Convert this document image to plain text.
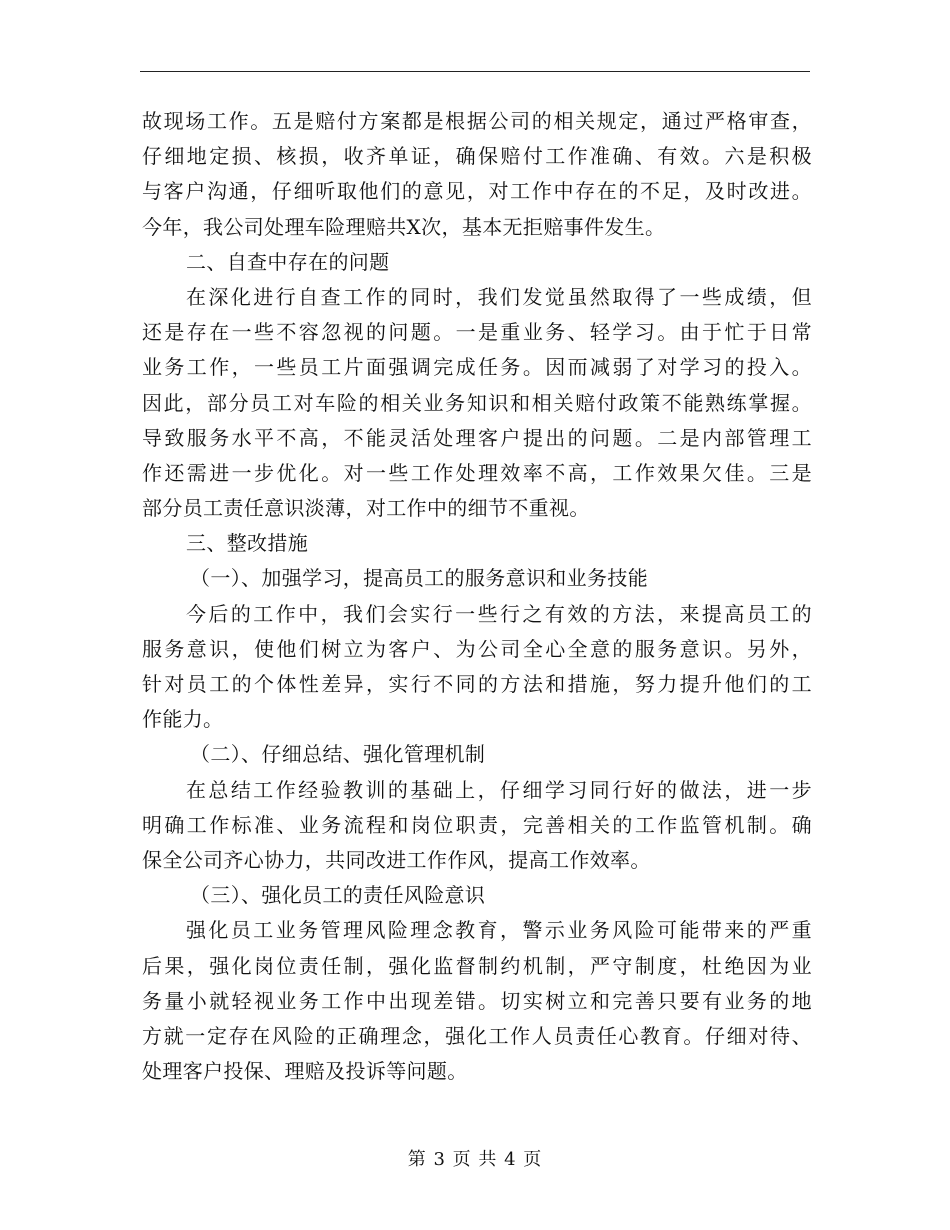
故现场工作。五是赔付方案都是根据公司的相关规定，通过严格审查，
仔细地定损、核损，收齐单证，确保赔付工作准确、有效。六是积极
与客户沟通，仔细听取他们的意见，对工作中存在的不足，及时改进。
今年，我公司处理车险理赔共X次，基本无拒赔事件发生。
二、自查中存在的问题
在深化进行自查工作的同时，我们发觉虽然取得了一些成绩，但
还是存在一些不容忽视的问题。一是重业务、轻学习。由于忙于日常
业务工作，一些员工片面强调完成任务。因而减弱了对学习的投入。
因此，部分员工对车险的相关业务知识和相关赔付政策不能熟练掌握。
导致服务水平不高，不能灵活处理客户提出的问题。二是内部管理工
作还需进一步优化。对一些工作处理效率不高，工作效果欠佳。三是
部分员工责任意识淡薄，对工作中的细节不重视。
三、整改措施
（一）、加强学习，提高员工的服务意识和业务技能
今后的工作中，我们会实行一些行之有效的方法，来提高员工的
服务意识，使他们树立为客户、为公司全心全意的服务意识。另外，
针对员工的个体性差异，实行不同的方法和措施，努力提升他们的工
作能力。
（二）、仔细总结、强化管理机制
在总结工作经验教训的基础上，仔细学习同行好的做法，进一步
明确工作标准、业务流程和岗位职责，完善相关的工作监管机制。确
保全公司齐心协力，共同改进工作作风，提高工作效率。
（三）、强化员工的责任风险意识
强化员工业务管理风险理念教育，警示业务风险可能带来的严重
后果，强化岗位责任制，强化监督制约机制，严守制度，杜绝因为业
务量小就轻视业务工作中出现差错。切实树立和完善只要有业务的地
方就一定存在风险的正确理念，强化工作人员责任心教育。仔细对待、
处理客户投保、理赔及投诉等问题。
第 3 页 共 4 页
